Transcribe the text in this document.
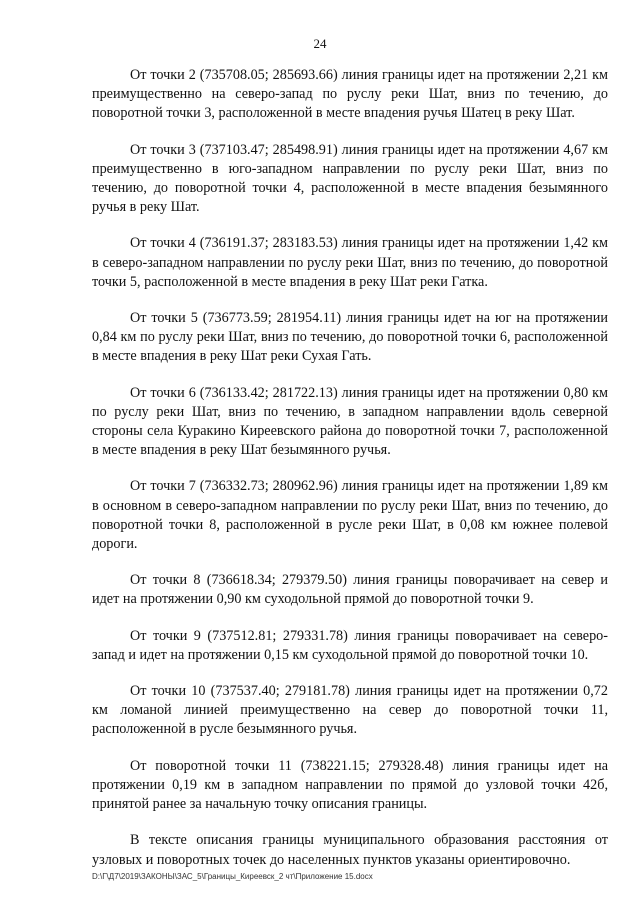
24

От точки 2 (735708.05; 285693.66) линия границы идет на протяжении 2,21 км преимущественно на северо-запад по руслу реки Шат, вниз по течению, до поворотной точки 3, расположенной в месте впадения ручья Шатец в реку Шат.

От точки 3 (737103.47; 285498.91) линия границы идет на протяжении 4,67 км преимущественно в юго-западном направлении по руслу реки Шат, вниз по течению, до поворотной точки 4, расположенной в месте впадения безымянного ручья в реку Шат.

От точки 4 (736191.37; 283183.53) линия границы идет на протяжении 1,42 км в северо-западном направлении по руслу реки Шат, вниз по течению, до поворотной точки 5, расположенной в месте впадения в реку Шат реки Гатка.

От точки 5 (736773.59; 281954.11) линия границы идет на юг на протяжении 0,84 км по руслу реки Шат, вниз по течению, до поворотной точки 6, расположенной в месте впадения в реку Шат реки Сухая Гать.

От точки 6 (736133.42; 281722.13) линия границы идет на протяжении 0,80 км по руслу реки Шат, вниз по течению, в западном направлении вдоль северной стороны села Куракино Киреевского района до поворотной точки 7, расположенной в месте впадения в реку Шат безымянного ручья.

От точки 7 (736332.73; 280962.96) линия границы идет на протяжении 1,89 км в основном в северо-западном направлении по руслу реки Шат, вниз по течению, до поворотной точки 8, расположенной в русле реки Шат, в 0,08 км южнее полевой дороги.

От точки 8 (736618.34; 279379.50) линия границы поворачивает на север и идет на протяжении 0,90 км суходольной прямой до поворотной точки 9.

От точки 9 (737512.81; 279331.78) линия границы поворачивает на северо-запад и идет на протяжении 0,15 км суходольной прямой до поворотной точки 10.

От точки 10 (737537.40; 279181.78) линия границы идет на протяжении 0,72 км ломаной линией преимущественно на север до поворотной точки 11, расположенной в русле безымянного ручья.

От поворотной точки 11 (738221.15; 279328.48) линия границы идет на протяжении 0,19 км в западном направлении по прямой до узловой точки 42б, принятой ранее за начальную точку описания границы.

В тексте описания границы муниципального образования расстояния от узловых и поворотных точек до населенных пунктов указаны ориентировочно.

D:\Г\Д7\2019\ЗАКОНЫ\ЗАС_5\Границы_Киреевск_2 чт\Приложение 15.docx
